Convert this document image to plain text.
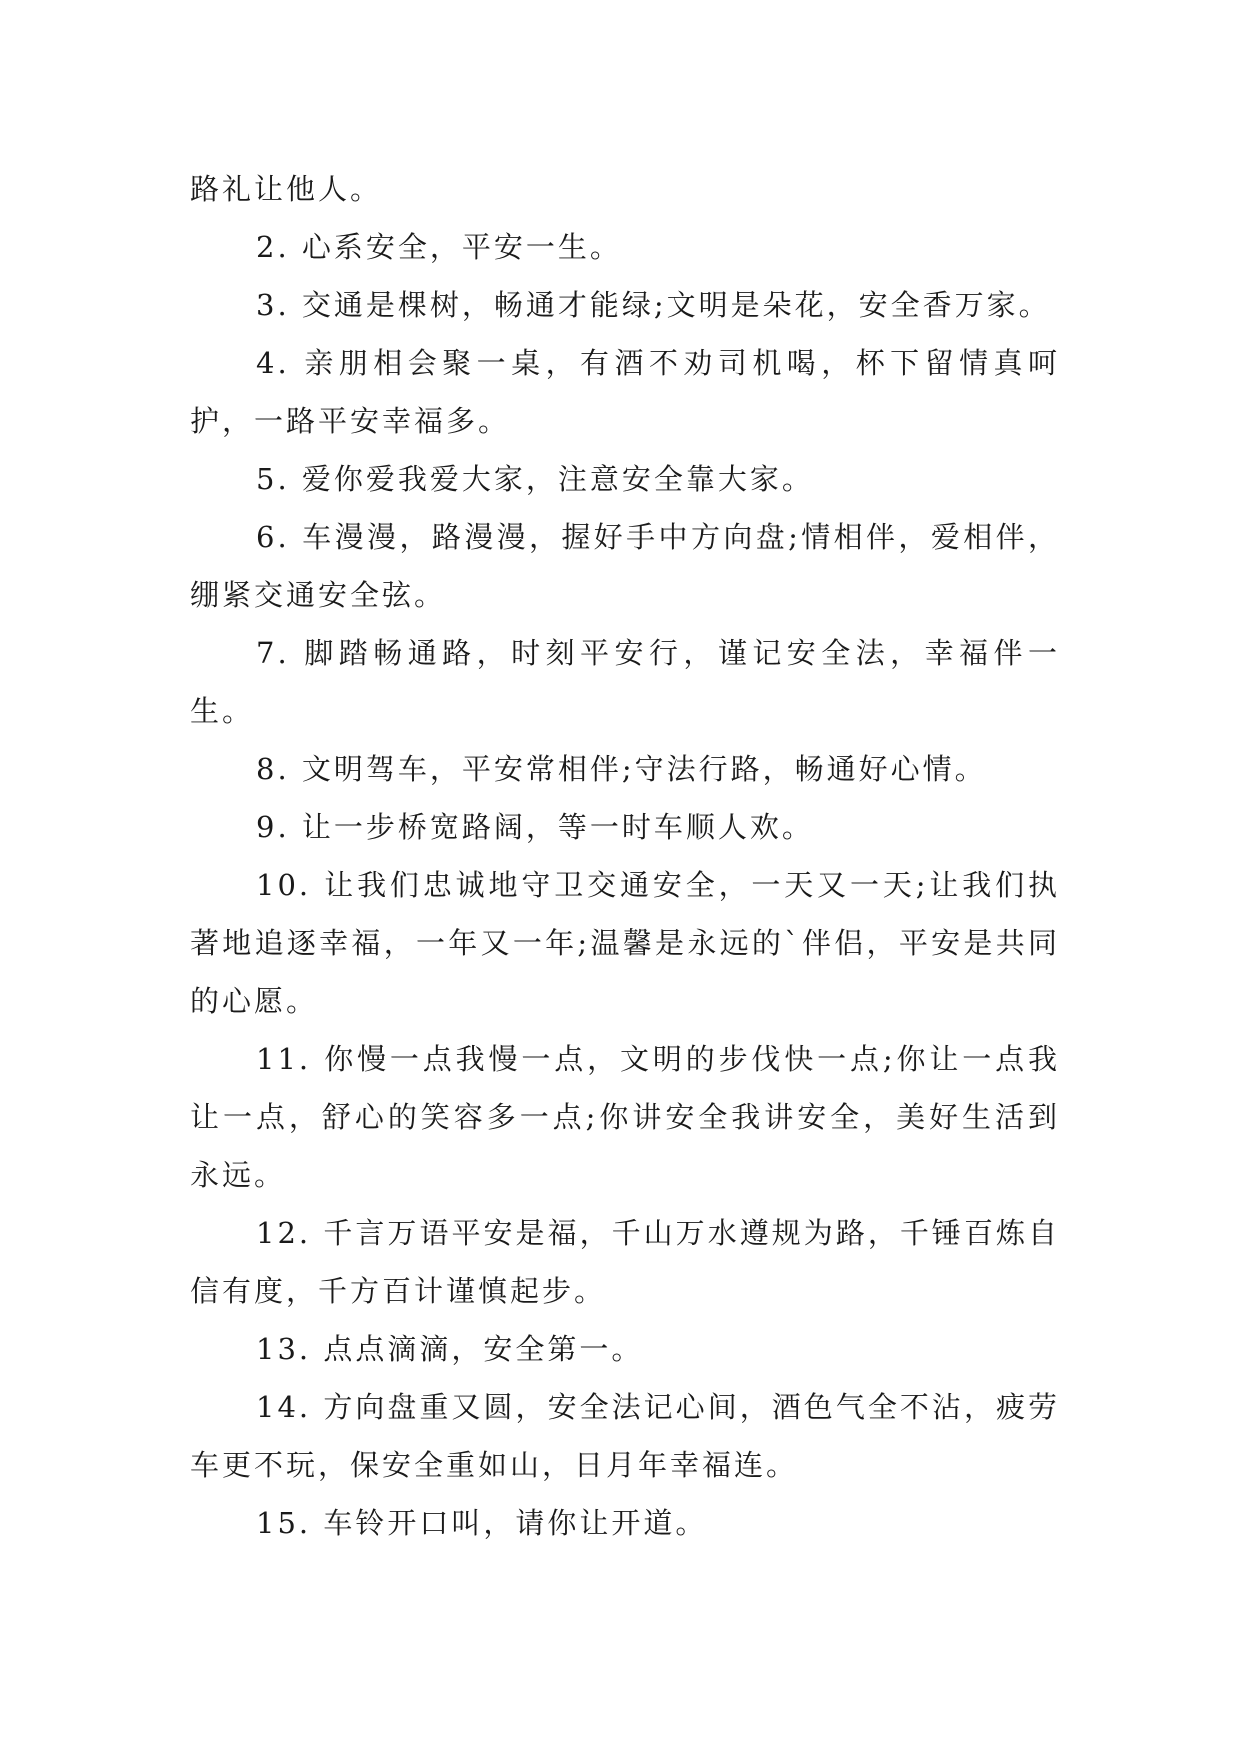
路礼让他人。

2. 心系安全，平安一生。

3. 交通是棵树，畅通才能绿;文明是朵花，安全香万家。

4. 亲朋相会聚一桌，有酒不劝司机喝，杯下留情真呵护，一路平安幸福多。

5. 爱你爱我爱大家，注意安全靠大家。

6. 车漫漫，路漫漫，握好手中方向盘;情相伴，爱相伴，绷紧交通安全弦。

7. 脚踏畅通路，时刻平安行，谨记安全法，幸福伴一生。

8. 文明驾车，平安常相伴;守法行路，畅通好心情。

9. 让一步桥宽路阔，等一时车顺人欢。

10. 让我们忠诚地守卫交通安全，一天又一天;让我们执著地追逐幸福，一年又一年;温馨是永远的`伴侣，平安是共同的心愿。

11. 你慢一点我慢一点，文明的步伐快一点;你让一点我让一点，舒心的笑容多一点;你讲安全我讲安全，美好生活到永远。

12. 千言万语平安是福，千山万水遵规为路，千锤百炼自信有度，千方百计谨慎起步。

13. 点点滴滴，安全第一。

14. 方向盘重又圆，安全法记心间，酒色气全不沾，疲劳车更不玩，保安全重如山，日月年幸福连。

15. 车铃开口叫，请你让开道。
